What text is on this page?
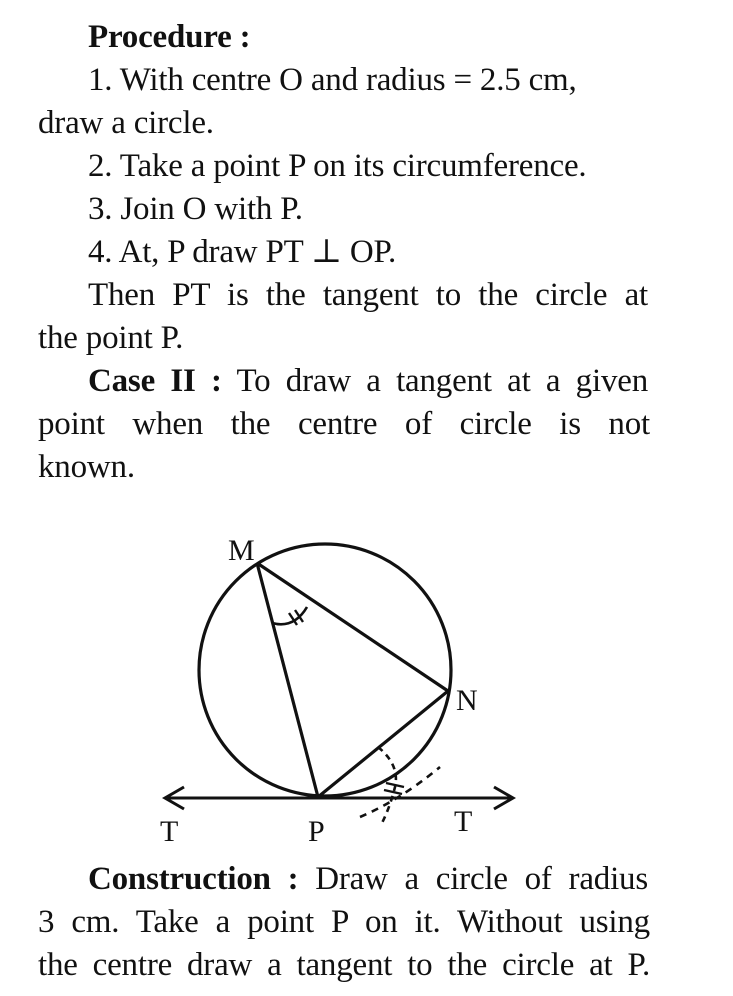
Procedure :
1. With centre O and radius = 2.5 cm,
draw a circle.
2. Take a point P on its circumference.
3. Join O with P.
4. At, P draw PT ⊥ OP.
Then PT is the tangent to the circle at
the point P.
Case II : To draw a tangent at a given
point when the centre of circle is not
known.
M
N
P
T	T
Construction : Draw a circle of radius
3 cm. Take a point P on it. Without using
the centre draw a tangent to the circle at P.
